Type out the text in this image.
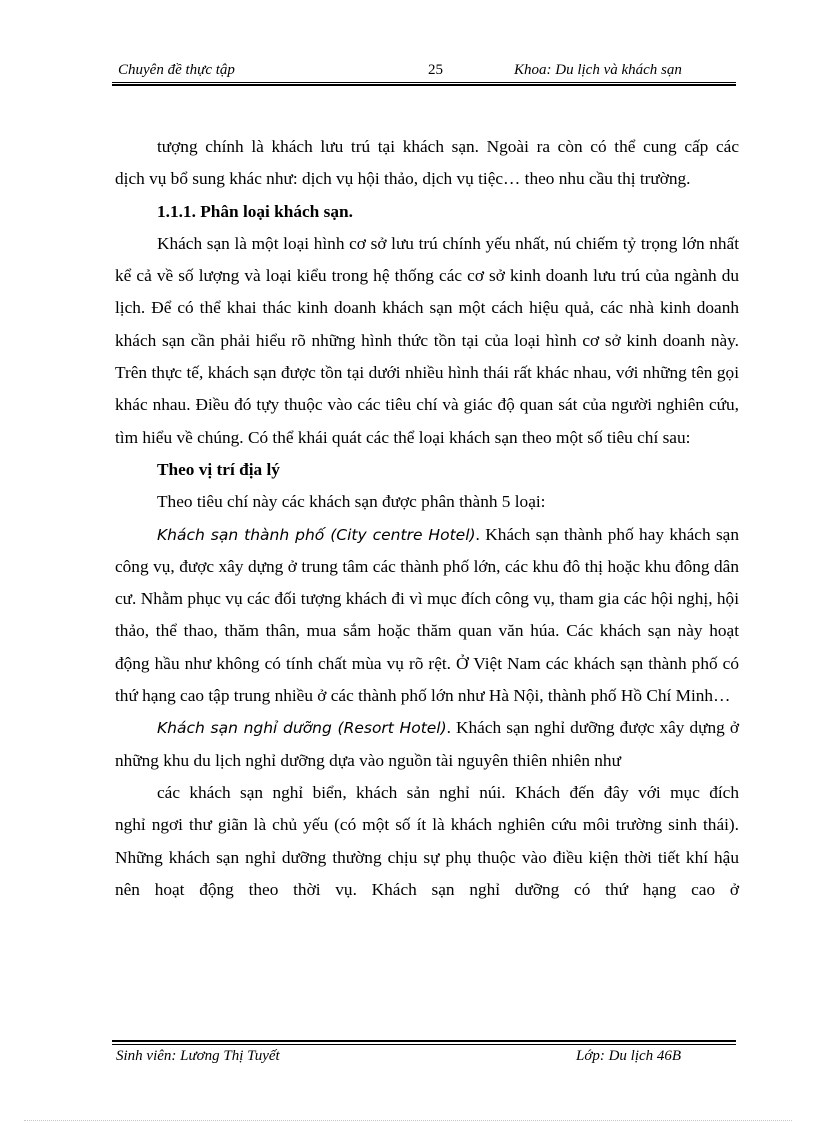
Chuyên đề thực tập	25	Khoa: Du lịch và khách sạn

tượng chính là khách lưu trú tại khách sạn. Ngoài ra còn có thể cung cấp các

dịch vụ bổ sung khác như: dịch vụ hội thảo, dịch vụ tiệc… theo nhu cầu thị trường.

1.1.1. Phân loại khách sạn.

Khách sạn là một loại hình cơ sở lưu trú chính yếu nhất, nú chiếm tỷ trọng lớn nhất kể cả về số lượng và loại kiểu trong hệ thống các cơ sở kinh doanh lưu trú của ngành du lịch. Để có thể khai thác kinh doanh khách sạn một cách hiệu quả, các nhà kinh doanh khách sạn cần phải hiểu rõ những hình thức tồn tại của loại hình cơ sở kinh doanh này. Trên thực tế, khách sạn được tồn tại dưới nhiều hình thái rất khác nhau, với những tên gọi khác nhau. Điều đó tựy thuộc vào các tiêu chí và giác độ quan sát của người nghiên cứu, tìm hiểu về chúng. Có thể khái quát các thể loại khách sạn theo một số tiêu chí sau:

Theo vị trí địa lý

Theo tiêu chí này các khách sạn được phân thành 5 loại:

Khách sạn thành phố (City centre Hotel). Khách sạn thành phố hay khách sạn công vụ, được xây dựng ở trung tâm các thành phố lớn, các khu đô thị hoặc khu đông dân cư. Nhằm phục vụ các đối tượng khách đi vì mục đích công vụ, tham gia các hội nghị, hội thảo, thể thao, thăm thân, mua sắm hoặc thăm quan văn húa. Các khách sạn này hoạt động hầu như không có tính chất mùa vụ rõ rệt. Ở Việt Nam các khách sạn thành phố có thứ hạng cao tập trung nhiều ở các thành phố lớn như Hà Nội, thành phố Hồ Chí Minh…

Khách sạn nghỉ dưỡng (Resort Hotel). Khách sạn nghỉ dưỡng được xây dựng ở những khu du lịch nghỉ dưỡng dựa vào nguồn tài nguyên thiên nhiên như

các khách sạn nghỉ biển, khách sản nghỉ núi. Khách đến đây với mục đích

nghỉ ngơi thư giãn là chủ yếu (có một số ít là khách nghiên cứu môi trường sinh thái). Những khách sạn nghỉ dưỡng thường chịu sự phụ thuộc vào điều kiện thời tiết khí hậu nên hoạt động theo thời vụ. Khách sạn nghỉ dưỡng có thứ hạng cao ở

Sinh viên: Lương Thị Tuyết	Lớp: Du lịch 46B
